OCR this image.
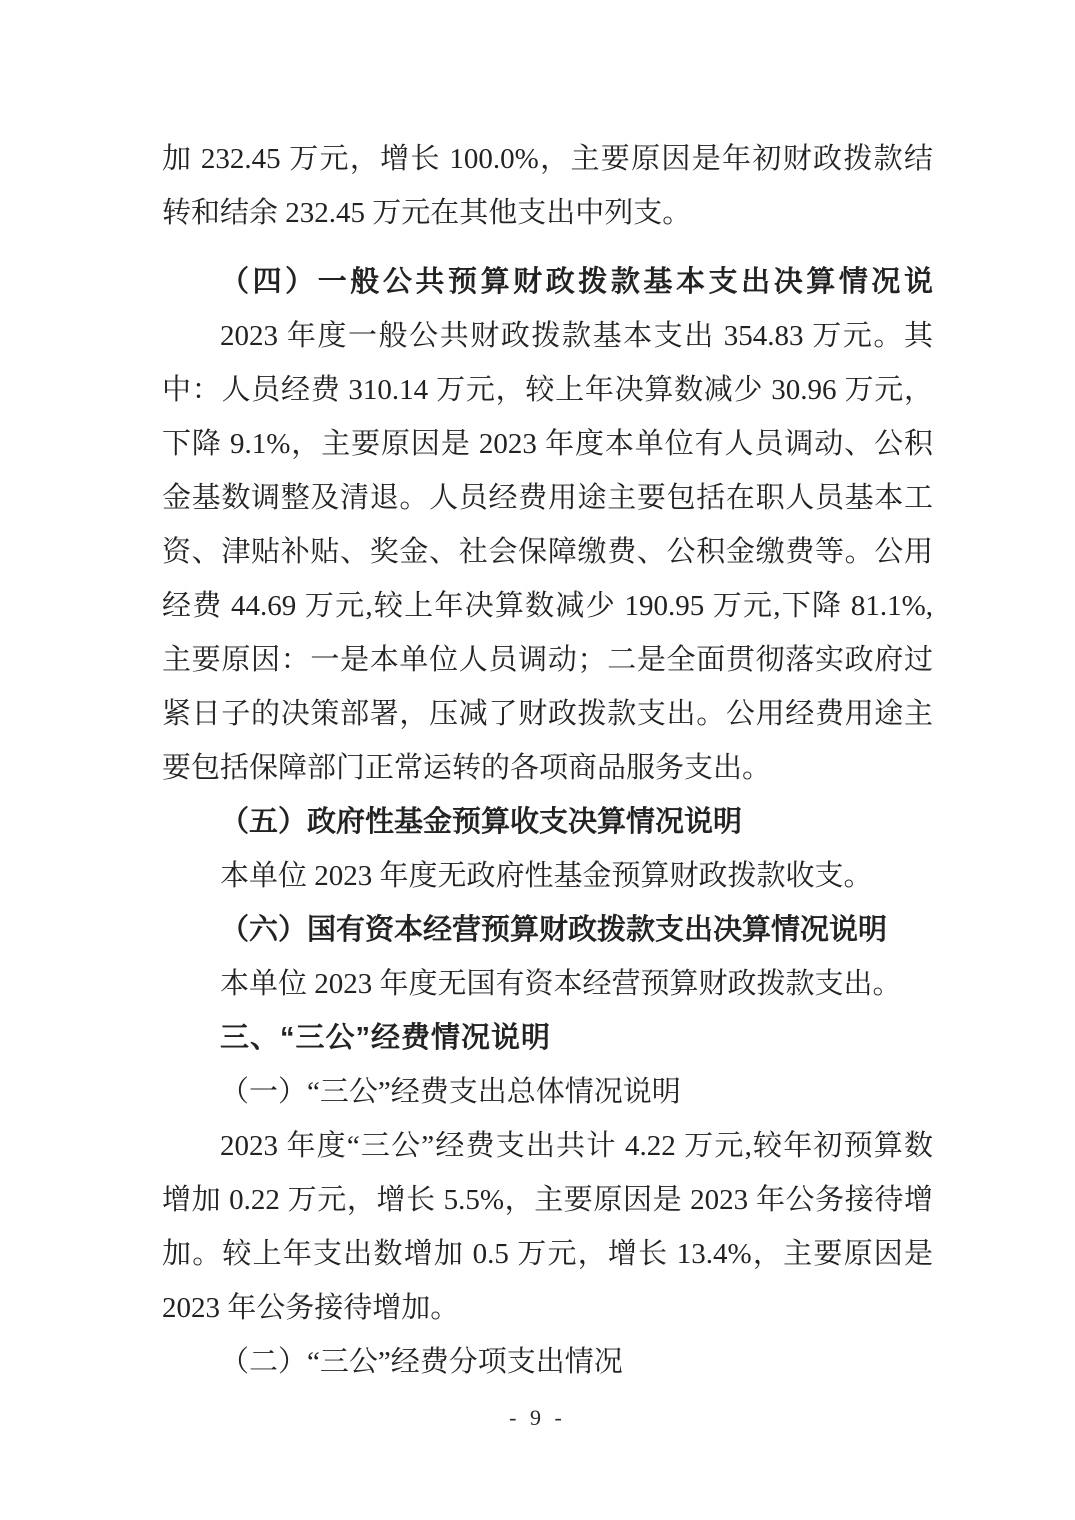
加 232.45 万元，增长 100.0%，主要原因是年初财政拨款结
转和结余 232.45 万元在其他支出中列支。
（四）一般公共预算财政拨款基本支出决算情况说
2023 年度一般公共财政拨款基本支出 354.83 万元。其
中：人员经费 310.14 万元，较上年决算数减少 30.96 万元，
下降 9.1%，主要原因是 2023 年度本单位有人员调动、公积
金基数调整及清退。人员经费用途主要包括在职人员基本工
资、津贴补贴、奖金、社会保障缴费、公积金缴费等。公用
经费 44.69 万元,较上年决算数减少 190.95 万元,下降 81.1%,
主要原因：一是本单位人员调动；二是全面贯彻落实政府过
紧日子的决策部署，压减了财政拨款支出。公用经费用途主
要包括保障部门正常运转的各项商品服务支出。
（五）政府性基金预算收支决算情况说明
本单位 2023 年度无政府性基金预算财政拨款收支。
（六）国有资本经营预算财政拨款支出决算情况说明
本单位 2023 年度无国有资本经营预算财政拨款支出。
三、“三公”经费情况说明
（一）“三公”经费支出总体情况说明
2023 年度“三公”经费支出共计 4.22 万元,较年初预算数
增加 0.22 万元，增长 5.5%，主要原因是 2023 年公务接待增
加。较上年支出数增加 0.5 万元，增长 13.4%，主要原因是
2023 年公务接待增加。
（二）“三公”经费分项支出情况
- 9 -
